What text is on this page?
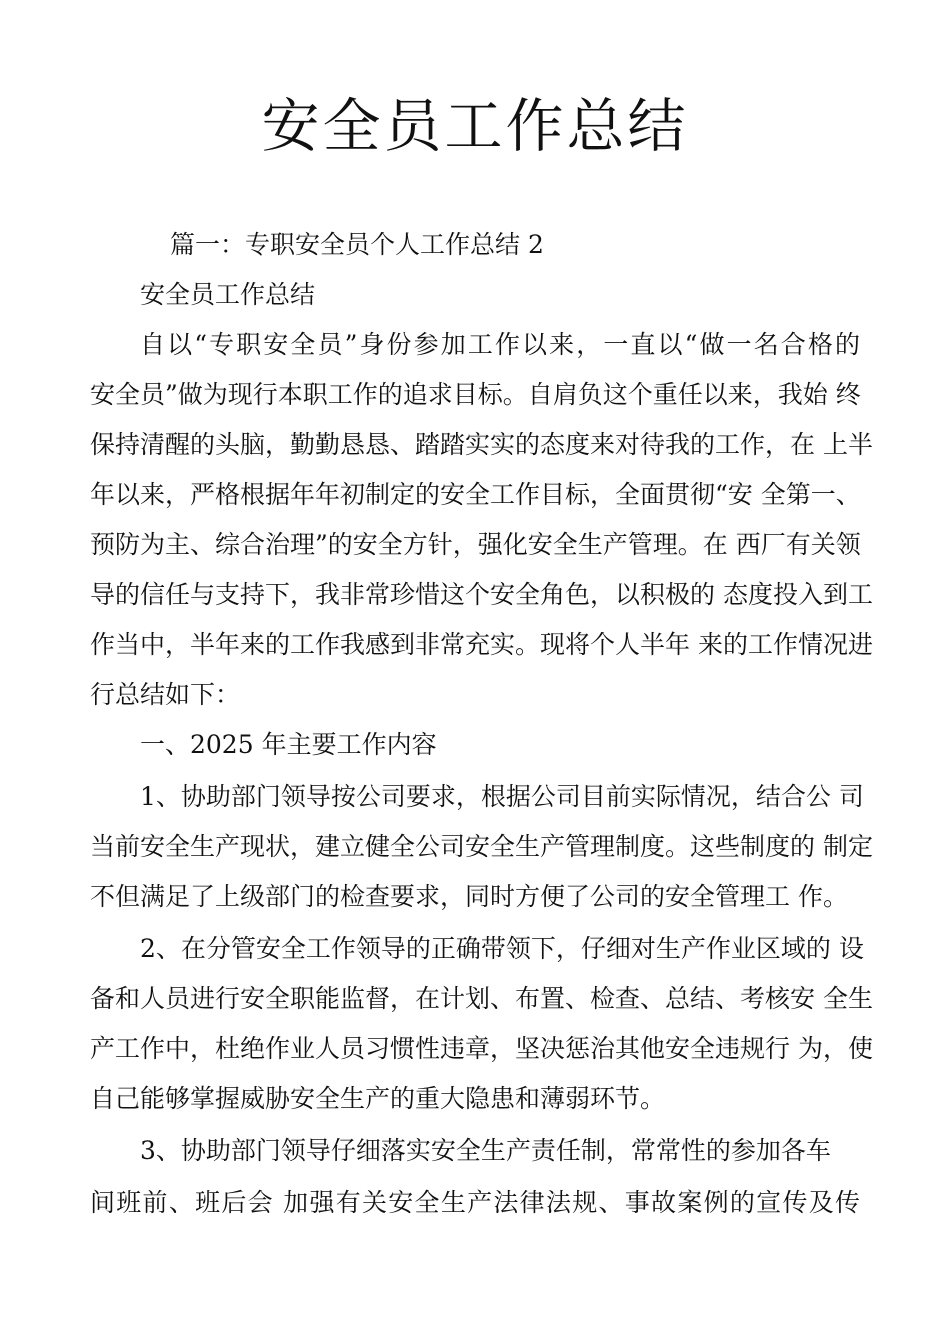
安全员工作总结
篇一：专职安全员个人工作总结 2
安全员工作总结
自以“专职安全员”身份参加工作以来，一直以“做一名合格的
安全员”做为现行本职工作的追求目标。自肩负这个重任以来，我始 终
保持清醒的头脑，勤勤恳恳、踏踏实实的态度来对待我的工作，在 上半
年以来，严格根据年年初制定的安全工作目标，全面贯彻“安 全第一、
预防为主、综合治理”的安全方针，强化安全生产管理。在 西厂有关领
导的信任与支持下，我非常珍惜这个安全角色，以积极的 态度投入到工
作当中，半年来的工作我感到非常充实。现将个人半年 来的工作情况进
行总结如下：
一、2025 年主要工作内容
1、协助部门领导按公司要求，根据公司目前实际情况，结合公 司
当前安全生产现状，建立健全公司安全生产管理制度。这些制度的 制定
不但满足了上级部门的检查要求，同时方便了公司的安全管理工 作。
2、在分管安全工作领导的正确带领下，仔细对生产作业区域的 设
备和人员进行安全职能监督，在计划、布置、检查、总结、考核安 全生
产工作中，杜绝作业人员习惯性违章，坚决惩治其他安全违规行 为，使
自己能够掌握威胁安全生产的重大隐患和薄弱环节。
3、协助部门领导仔细落实安全生产责任制，常常性的参加各车
间班前、班后会 加强有关安全生产法律法规、事故案例的宣传及传
